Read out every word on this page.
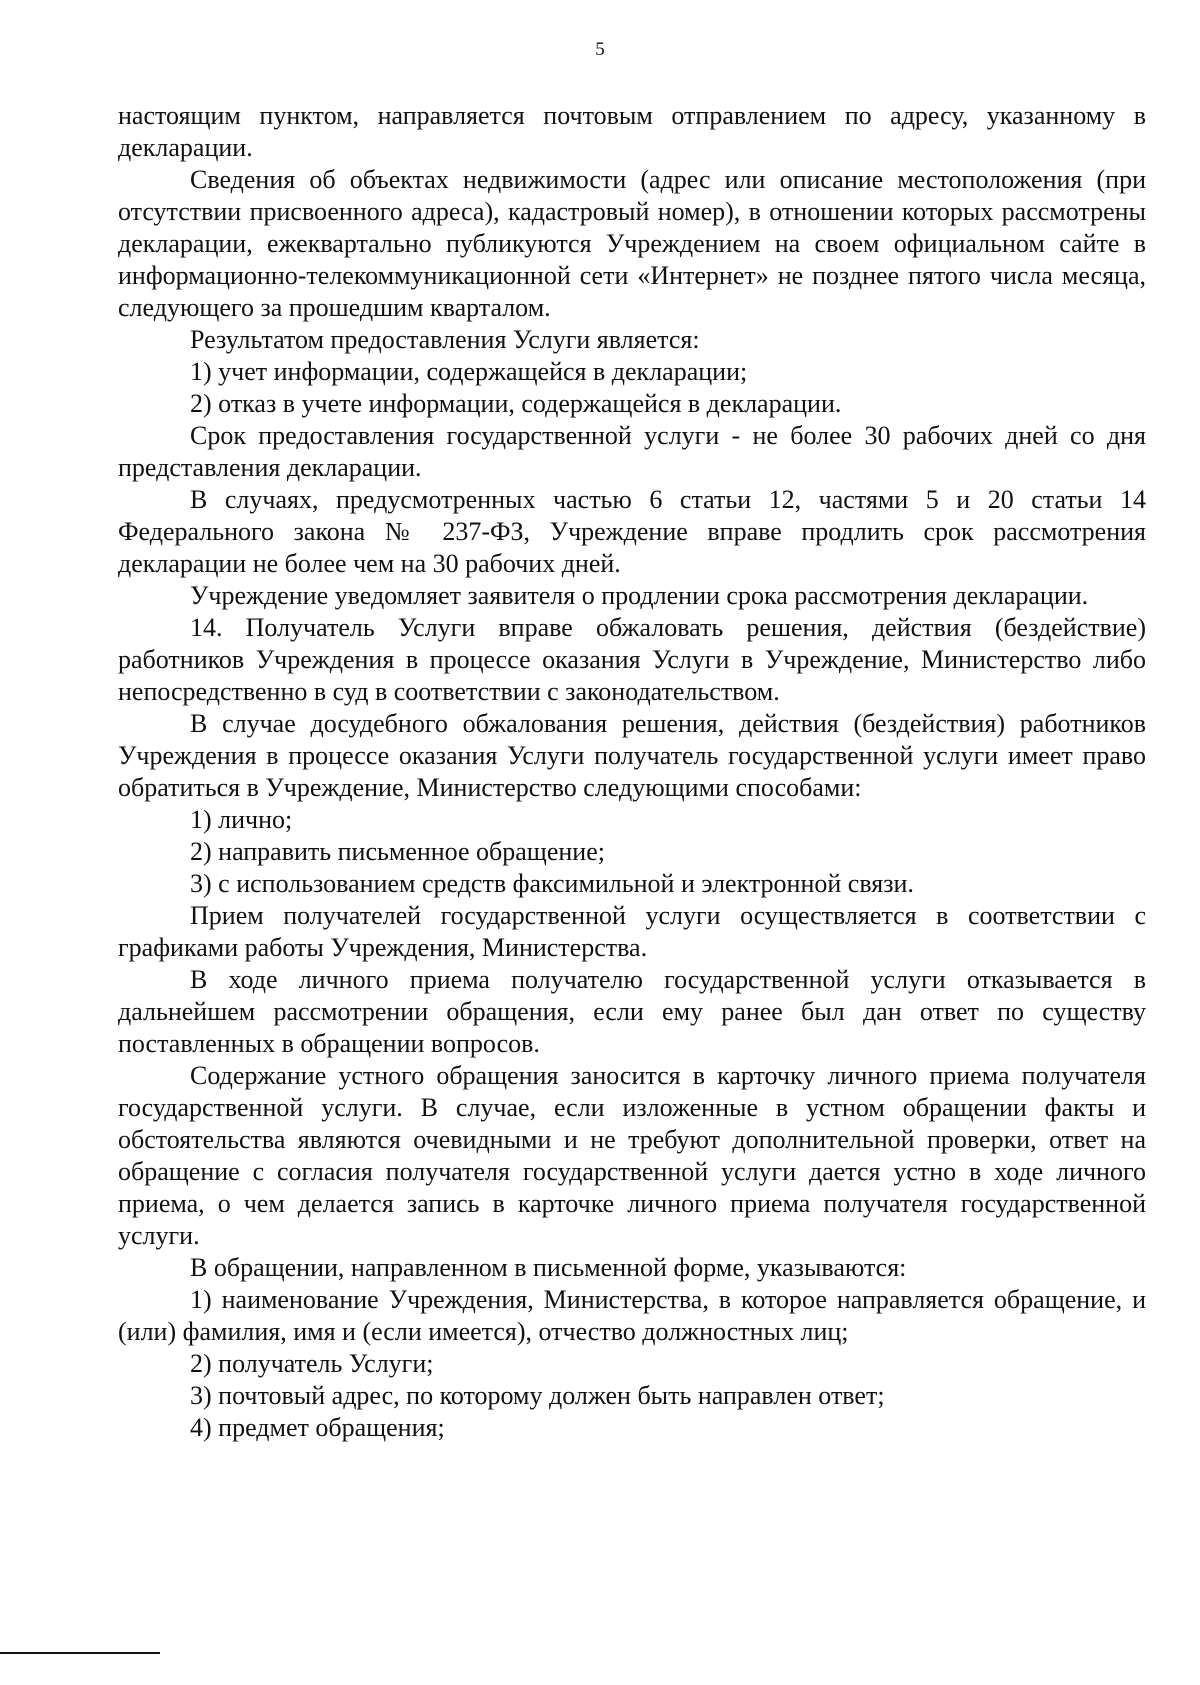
5

настоящим пунктом, направляется почтовым отправлением по адресу, указанному в декларации.

Сведения об объектах недвижимости (адрес или описание местоположения (при отсутствии присвоенного адреса), кадастровый номер), в отношении которых рассмотрены декларации, ежеквартально публикуются Учреждением на своем официальном сайте в информационно-телекоммуникационной сети «Интернет» не позднее пятого числа месяца, следующего за прошедшим кварталом.

Результатом предоставления Услуги является:

1) учет информации, содержащейся в декларации;

2) отказ в учете информации, содержащейся в декларации.

Срок предоставления государственной услуги - не более 30 рабочих дней со дня представления декларации.

В случаях, предусмотренных частью 6 статьи 12, частями 5 и 20 статьи 14 Федерального закона № 237-ФЗ, Учреждение вправе продлить срок рассмотрения декларации не более чем на 30 рабочих дней.

Учреждение уведомляет заявителя о продлении срока рассмотрения декларации.

14. Получатель Услуги вправе обжаловать решения, действия (бездействие) работников Учреждения в процессе оказания Услуги в Учреждение, Министерство либо непосредственно в суд в соответствии с законодательством.

В случае досудебного обжалования решения, действия (бездействия) работников Учреждения в процессе оказания Услуги получатель государственной услуги имеет право обратиться в Учреждение, Министерство следующими способами:

1) лично;

2) направить письменное обращение;

3) с использованием средств факсимильной и электронной связи.

Прием получателей государственной услуги осуществляется в соответствии с графиками работы Учреждения, Министерства.

В ходе личного приема получателю государственной услуги отказывается в дальнейшем рассмотрении обращения, если ему ранее был дан ответ по существу поставленных в обращении вопросов.

Содержание устного обращения заносится в карточку личного приема получателя государственной услуги. В случае, если изложенные в устном обращении факты и обстоятельства являются очевидными и не требуют дополнительной проверки, ответ на обращение с согласия получателя государственной услуги дается устно в ходе личного приема, о чем делается запись в карточке личного приема получателя государственной услуги.

В обращении, направленном в письменной форме, указываются:

1) наименование Учреждения, Министерства, в которое направляется обращение, и (или) фамилия, имя и (если имеется), отчество должностных лиц;

2) получатель Услуги;

3) почтовый адрес, по которому должен быть направлен ответ;

4) предмет обращения;
